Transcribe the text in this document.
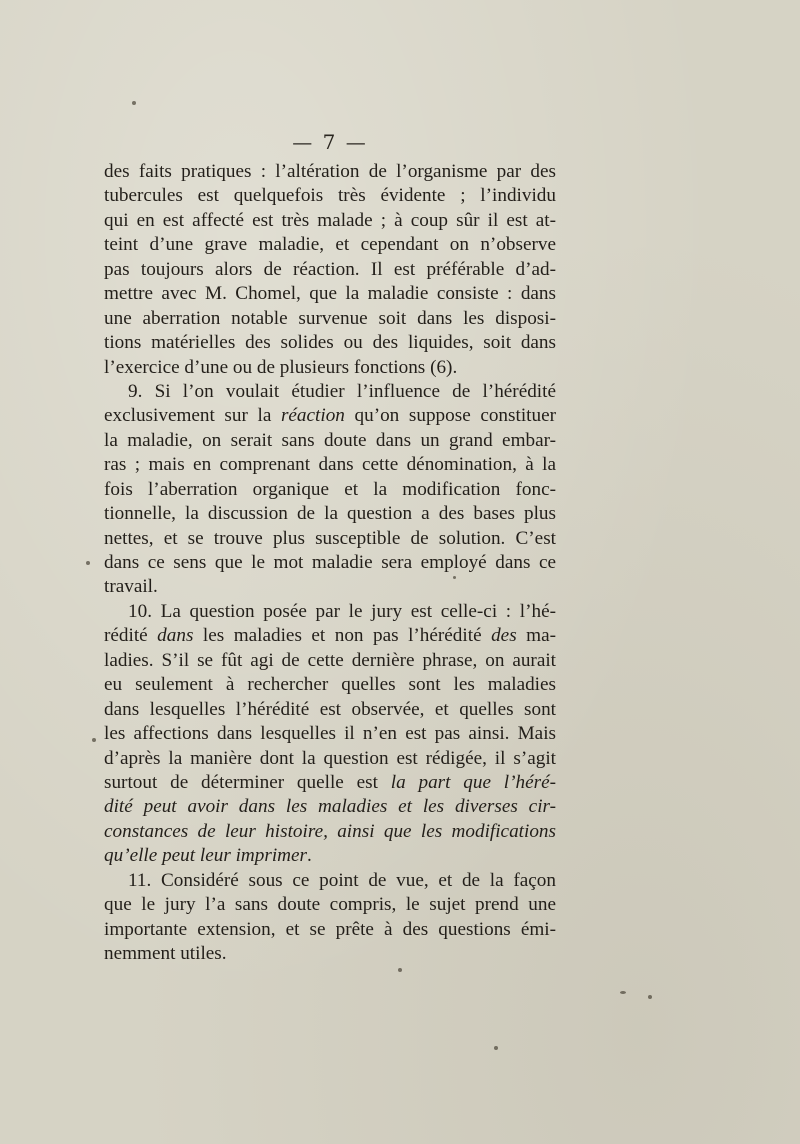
— 7 —
des faits pratiques : l’altération de l’organisme par des
tubercules est quelquefois très évidente ; l’individu
qui en est affecté est très malade ; à coup sûr il est at-
teint d’une grave maladie, et cependant on n’observe
pas toujours alors de réaction. Il est préférable d’ad-
mettre avec M. Chomel, que la maladie consiste : dans
une aberration notable survenue soit dans les disposi-
tions matérielles des solides ou des liquides, soit dans
l’exercice d’une ou de plusieurs fonctions (6).
9. Si l’on voulait étudier l’influence de l’hérédité
exclusivement sur la réaction qu’on suppose constituer
la maladie, on serait sans doute dans un grand embar-
ras ; mais en comprenant dans cette dénomination, à la
fois l’aberration organique et la modification fonc-
tionnelle, la discussion de la question a des bases plus
nettes, et se trouve plus susceptible de solution. C’est
dans ce sens que le mot maladie sera employé dans ce
travail.
10. La question posée par le jury est celle-ci : l’hé-
rédité dans les maladies et non pas l’hérédité des ma-
ladies. S’il se fût agi de cette dernière phrase, on aurait
eu seulement à rechercher quelles sont les maladies
dans lesquelles l’hérédité est observée, et quelles sont
les affections dans lesquelles il n’en est pas ainsi. Mais
d’après la manière dont la question est rédigée, il s’agit
surtout de déterminer quelle est la part que l’héré-
dité peut avoir dans les maladies et les diverses cir-
constances de leur histoire, ainsi que les modifications
qu’elle peut leur imprimer.
11. Considéré sous ce point de vue, et de la façon
que le jury l’a sans doute compris, le sujet prend une
importante extension, et se prête à des questions émi-
nemment utiles.
